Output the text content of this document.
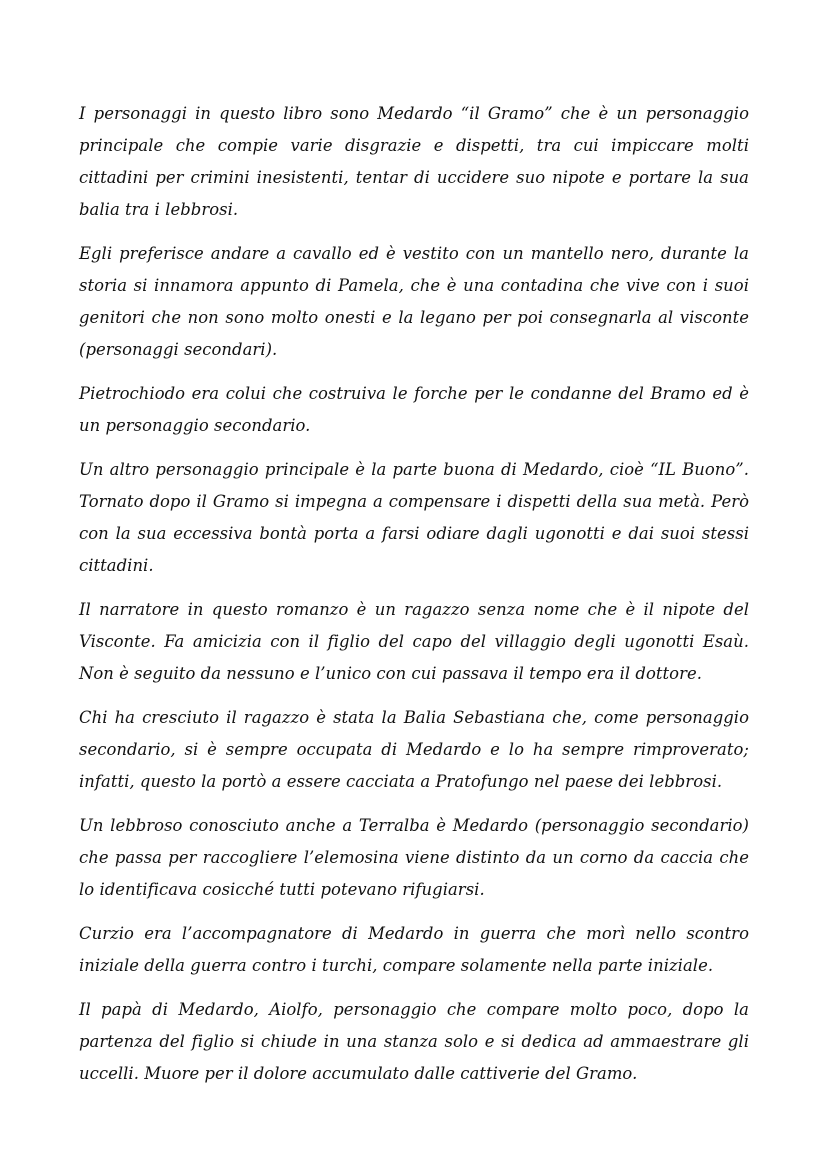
I personaggi in questo libro sono Medardo “il Gramo” che è un personaggio principale che compie varie disgrazie e dispetti, tra cui impiccare molti cittadini per crimini inesistenti, tentar di uccidere suo nipote e portare la sua balia tra i lebbrosi.

Egli preferisce andare a cavallo ed è vestito con un mantello nero, durante la storia si innamora appunto di Pamela, che è una contadina che vive con i suoi genitori che non sono molto onesti e la legano per poi consegnarla al visconte (personaggi secondari).

Pietrochiodo era colui che costruiva le forche per le condanne del Bramo ed è un personaggio secondario.

Un altro personaggio principale è la parte buona di Medardo, cioè “IL Buono”. Tornato dopo il Gramo si impegna a compensare i dispetti della sua metà. Però con la sua eccessiva bontà porta a farsi odiare dagli ugonotti e dai suoi stessi cittadini.

Il narratore in questo romanzo è un ragazzo senza nome che è il nipote del Visconte. Fa amicizia con il figlio del capo del villaggio degli ugonotti Esaù. Non è seguito da nessuno e l’unico con cui passava il tempo era il dottore.

Chi ha cresciuto il ragazzo è stata la Balia Sebastiana che, come personaggio secondario, si è sempre occupata di Medardo e lo ha sempre rimproverato; infatti, questo la portò a essere cacciata a Pratofungo nel paese dei lebbrosi.

Un lebbroso conosciuto anche a Terralba è Medardo (personaggio secondario) che passa per raccogliere l’elemosina viene distinto da un corno da caccia che lo identificava cosicché tutti potevano rifugiarsi.

Curzio era l’accompagnatore di Medardo in guerra che morì nello scontro iniziale della guerra contro i turchi, compare solamente nella parte iniziale.

Il papà di Medardo, Aiolfo, personaggio che compare molto poco, dopo la partenza del figlio si chiude in una stanza solo e si dedica ad ammaestrare gli uccelli. Muore per il dolore accumulato dalle cattiverie del Gramo.
